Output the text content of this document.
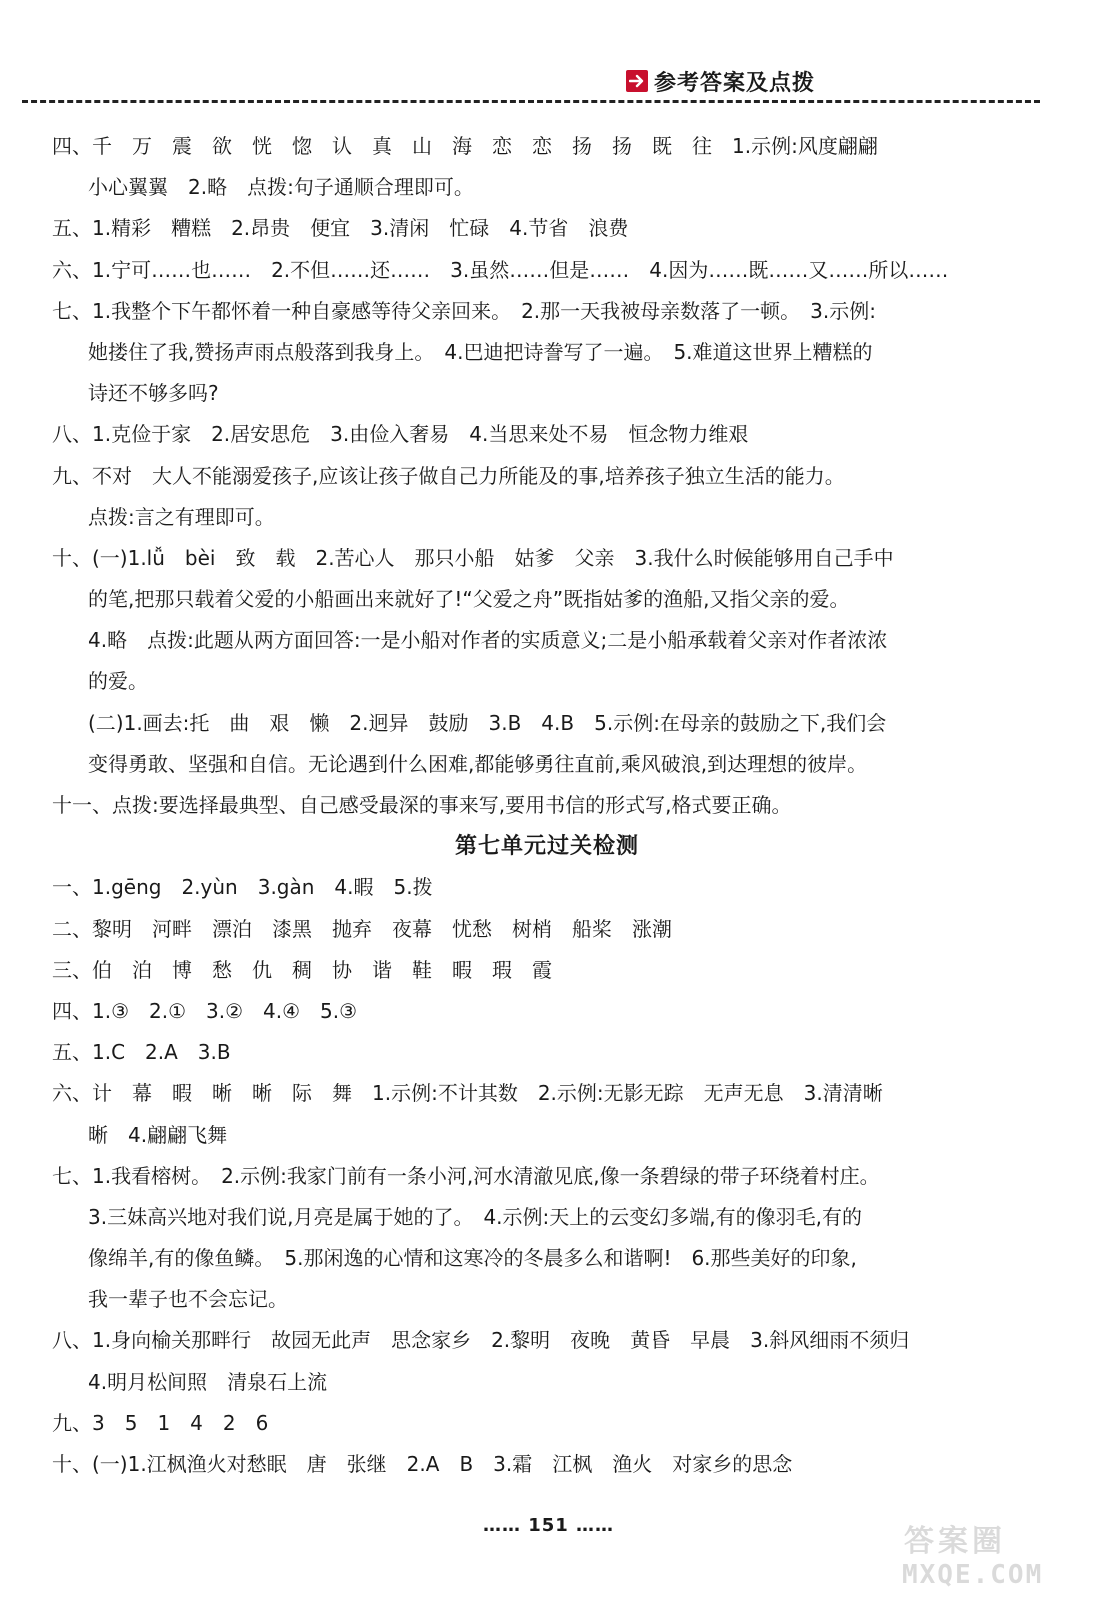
参考答案及点拨
四、千　万　震　欲　恍　惚　认　真　山　海　恋　恋　扬　扬　既　往　1.示例:风度翩翩
小心翼翼　2.略　点拨:句子通顺合理即可。
五、1.精彩　糟糕　2.昂贵　便宜　3.清闲　忙碌　4.节省　浪费
六、1.宁可……也……　2.不但……还……　3.虽然……但是……　4.因为……既……又……所以……
七、1.我整个下午都怀着一种自豪感等待父亲回来。　2.那一天我被母亲数落了一顿。　3.示例:
她搂住了我,赞扬声雨点般落到我身上。　4.巴迪把诗誊写了一遍。　5.难道这世界上糟糕的
诗还不够多吗?
八、1.克俭于家　2.居安思危　3.由俭入奢易　4.当思来处不易　恒念物力维艰
九、不对　大人不能溺爱孩子,应该让孩子做自己力所能及的事,培养孩子独立生活的能力。
点拨:言之有理即可。
十、(一)1.lǚ　bèi　致　载　2.苦心人　那只小船　姑爹　父亲　3.我什么时候能够用自己手中
的笔,把那只载着父爱的小船画出来就好了!“父爱之舟”既指姑爹的渔船,又指父亲的爱。
4.略　点拨:此题从两方面回答:一是小船对作者的实质意义;二是小船承载着父亲对作者浓浓
的爱。
(二)1.画去:托　曲　艰　懒　2.迥异　鼓励　3.B　4.B　5.示例:在母亲的鼓励之下,我们会
变得勇敢、坚强和自信。无论遇到什么困难,都能够勇往直前,乘风破浪,到达理想的彼岸。
十一、点拨:要选择最典型、自己感受最深的事来写,要用书信的形式写,格式要正确。
第七单元过关检测
一、1.gēng　2.yùn　3.gàn　4.暇　5.拨
二、黎明　河畔　漂泊　漆黑　抛弃　夜幕　忧愁　树梢　船桨　涨潮
三、伯　泊　博　愁　仇　稠　协　谐　鞋　暇　瑕　霞
四、1.③　2.①　3.②　4.④　5.③
五、1.C　2.A　3.B
六、计　幕　暇　晰　晰　际　舞　1.示例:不计其数　2.示例:无影无踪　无声无息　3.清清晰
晰　4.翩翩飞舞
七、1.我看榕树。　2.示例:我家门前有一条小河,河水清澈见底,像一条碧绿的带子环绕着村庄。
3.三妹高兴地对我们说,月亮是属于她的了。　4.示例:天上的云变幻多端,有的像羽毛,有的
像绵羊,有的像鱼鳞。　5.那闲逸的心情和这寒冷的冬晨多么和谐啊!　6.那些美好的印象,
我一辈子也不会忘记。
八、1.身向榆关那畔行　故园无此声　思念家乡　2.黎明　夜晚　黄昏　早晨　3.斜风细雨不须归
4.明月松间照　清泉石上流
九、3　5　1　4　2　6
十、(一)1.江枫渔火对愁眠　唐　张继　2.A　B　3.霜　江枫　渔火　对家乡的思念
…… 151 ……	答案圈
MXQE.COM
